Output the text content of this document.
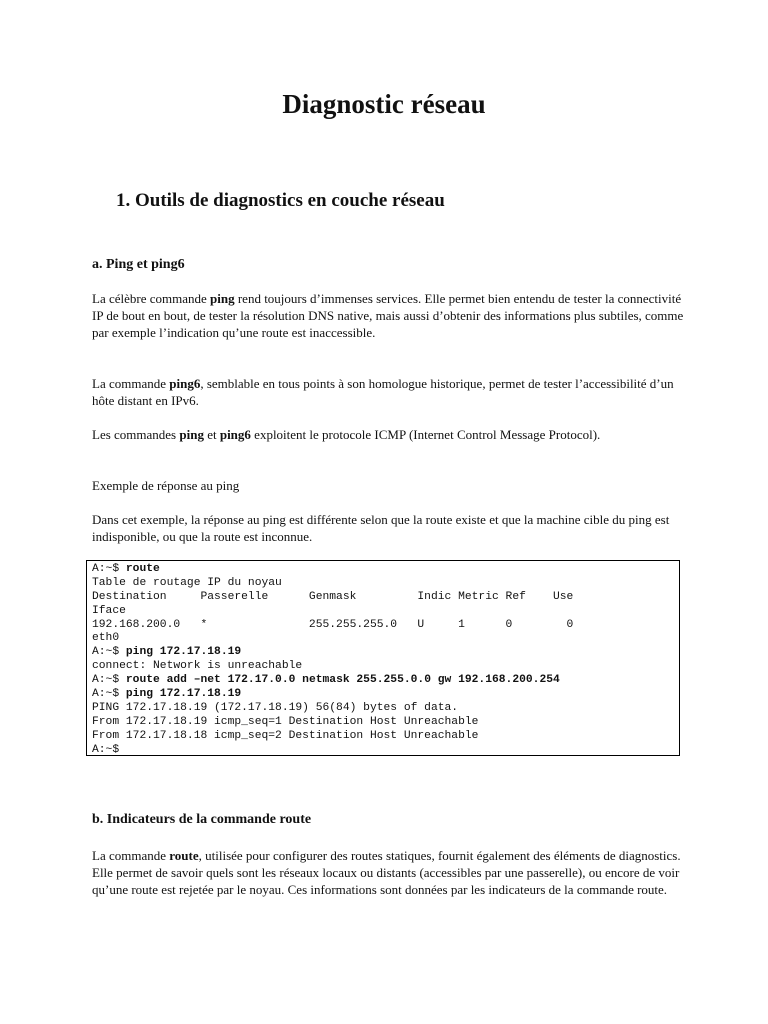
Diagnostic réseau
1. Outils de diagnostics en couche réseau
a. Ping et ping6

La célèbre commande ping rend toujours d’immenses services. Elle permet bien entendu de tester la connectivité IP de bout en bout, de tester la résolution DNS native, mais aussi d’obtenir des informations plus subtiles, comme par exemple l’indication qu’une route est inaccessible.

La commande ping6, semblable en tous points à son homologue historique, permet de tester l’accessibilité d’un hôte distant en IPv6.

Les commandes ping et ping6 exploitent le protocole ICMP (Internet Control Message Protocol).

Exemple de réponse au ping

Dans cet exemple, la réponse au ping est différente selon que la route existe et que la machine cible du ping est indisponible, ou que la route est inconnue.

A:~$ route
Table de routage IP du noyau
Destination     Passerelle      Genmask         Indic Metric Ref    Use
Iface
192.168.200.0   *               255.255.255.0   U     1      0        0
eth0
A:~$ ping 172.17.18.19
connect: Network is unreachable
A:~$ route add –net 172.17.0.0 netmask 255.255.0.0 gw 192.168.200.254
A:~$ ping 172.17.18.19
PING 172.17.18.19 (172.17.18.19) 56(84) bytes of data.
From 172.17.18.19 icmp_seq=1 Destination Host Unreachable
From 172.17.18.18 icmp_seq=2 Destination Host Unreachable
A:~$
b. Indicateurs de la commande route

La commande route, utilisée pour configurer des routes statiques, fournit également des éléments de diagnostics. Elle permet de savoir quels sont les réseaux locaux ou distants (accessibles par une passerelle), ou encore de voir qu’une route est rejetée par le noyau. Ces informations sont données par les indicateurs de la commande route.
